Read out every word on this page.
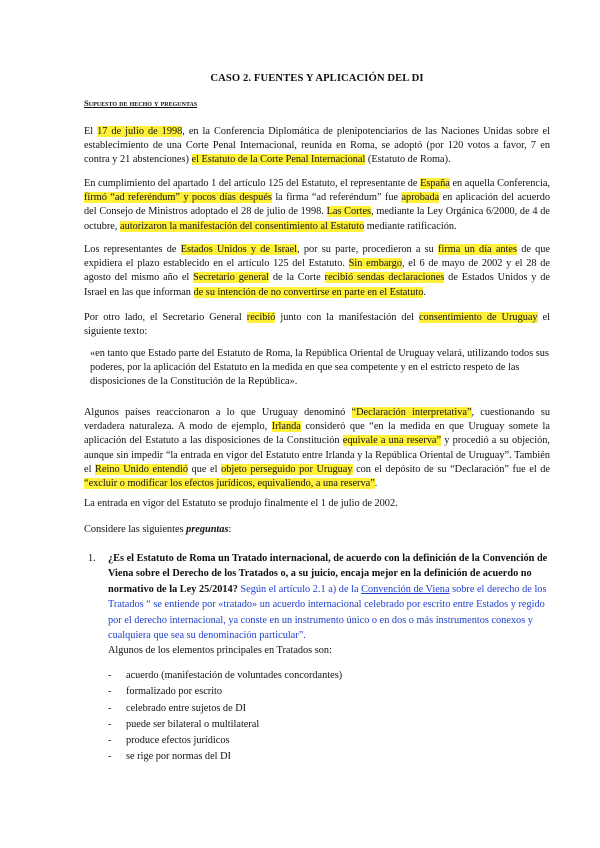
CASO 2. FUENTES Y APLICACIÓN DEL DI
Supuesto de hecho y preguntas
El 17 de julio de 1998, en la Conferencia Diplomática de plenipotenciarios de las Naciones Unidas sobre el establecimiento de una Corte Penal Internacional, reunida en Roma, se adoptó (por 120 votos a favor, 7 en contra y 21 abstenciones) el Estatuto de la Corte Penal Internacional (Estatuto de Roma).
En cumplimiento del apartado 1 del artículo 125 del Estatuto, el representante de España en aquella Conferencia, firmó “ad referéndum” y pocos días después la firma “ad referéndum” fue aprobada en aplicación del acuerdo del Consejo de Ministros adoptado el 28 de julio de 1998. Las Cortes, mediante la Ley Orgánica 6/2000, de 4 de octubre, autorizaron la manifestación del consentimiento al Estatuto mediante ratificación.
Los representantes de Estados Unidos y de Israel, por su parte, procedieron a su firma un día antes de que expidiera el plazo establecido en el artículo 125 del Estatuto. Sin embargo, el 6 de mayo de 2002 y el 28 de agosto del mismo año el Secretario general de la Corte recibió sendas declaraciones de Estados Unidos y de Israel en las que informan de su intención de no convertirse en parte en el Estatuto.
Por otro lado, el Secretario General recibió junto con la manifestación del consentimiento de Uruguay el siguiente texto:
«en tanto que Estado parte del Estatuto de Roma, la República Oriental de Uruguay velará, utilizando todos sus poderes, por la aplicación del Estatuto en la medida en que sea competente y en el estricto respeto de las disposiciones de la Constitución de la República».
Algunos países reaccionaron a lo que Uruguay denominó “Declaración interpretativa”, cuestionando su verdadera naturaleza. A modo de ejemplo, Irlanda consideró que “en la medida en que Uruguay somete la aplicación del Estatuto a las disposiciones de la Constitución equivale a una reserva” y procedió a su objeción, aunque sin impedir “la entrada en vigor del Estatuto entre Irlanda y la República Oriental de Uruguay”. También el Reino Unido entendió que el objeto perseguido por Uruguay con el depósito de su “Declaración” fue el de “excluir o modificar los efectos jurídicos, equivaliendo, a una reserva”.
La entrada en vigor del Estatuto se produjo finalmente el 1 de julio de 2002.
Considere las siguientes preguntas:
1. ¿Es el Estatuto de Roma un Tratado internacional, de acuerdo con la definición de la Convención de Viena sobre el Derecho de los Tratados o, a su juicio, encaja mejor en la definición de acuerdo no normativo de la Ley 25/2014? Según el artículo 2.1 a) de la Convención de Viena sobre el derecho de los Tratados “ se entiende por «tratado» un acuerdo internacional celebrado por escrito entre Estados y regido por el derecho internacional, ya conste en un instrumento único o en dos o más instrumentos conexos y cualquiera que sea su denominación particular”.
Algunos de los elementos principales en Tratados son:
- acuerdo (manifestación de voluntades concordantes)
- formalizado por escrito
- celebrado entre sujetos de DI
- puede ser bilateral o multilateral
- produce efectos jurídicos
- se rige por normas del DI
